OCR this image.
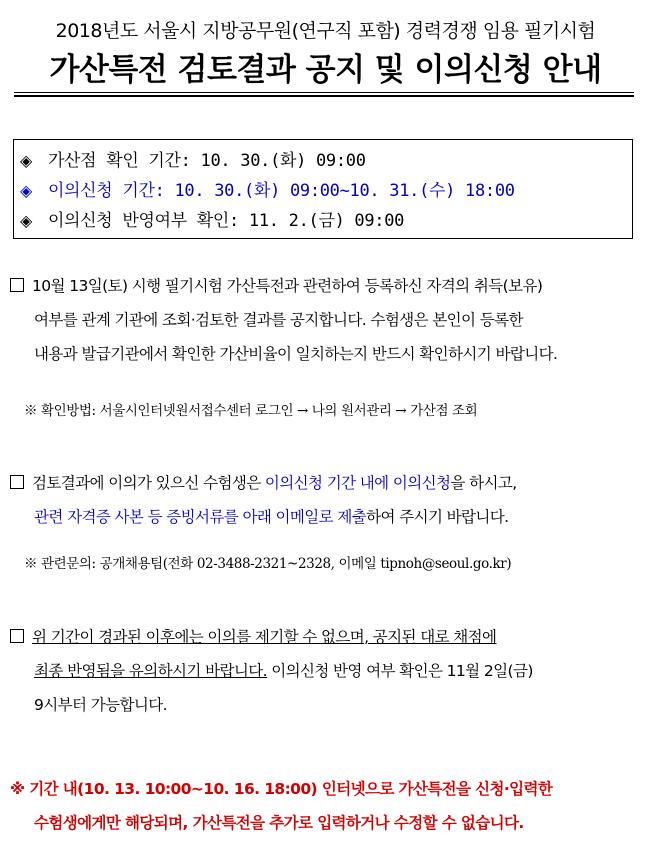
2018년도 서울시 지방공무원(연구직 포함) 경력경쟁 임용 필기시험
가산특전 검토결과 공지 및 이의신청 안내
◈ 가산점 확인 기간: 10. 30.(화) 09:00
◈ 이의신청 기간: 10. 30.(화) 09:00~10. 31.(수) 18:00
◈ 이의신청 반영여부 확인: 11. 2.(금) 09:00
10월 13일(토) 시행 필기시험 가산특전과 관련하여 등록하신 자격의 취득(보유)
여부를 관계 기관에 조회·검토한 결과를 공지합니다. 수험생은 본인이 등록한
내용과 발급기관에서 확인한 가산비율이 일치하는지 반드시 확인하시기 바랍니다.
※ 확인방법: 서울시인터넷원서접수센터 로그인 → 나의 원서관리 → 가산점 조회
검토결과에 이의가 있으신 수험생은 이의신청 기간 내에 이의신청을 하시고,
관련 자격증 사본 등 증빙서류를 아래 이메일로 제출하여 주시기 바랍니다.
※ 관련문의: 공개채용팀(전화 02-3488-2321~2328, 이메일 tipnoh@seoul.go.kr)
위 기간이 경과된 이후에는 이의를 제기할 수 없으며, 공지된 대로 채점에
최종 반영됨을 유의하시기 바랍니다. 이의신청 반영 여부 확인은 11월 2일(금)
9시부터 가능합니다.
※ 기간 내(10. 13. 10:00~10. 16. 18:00) 인터넷으로 가산특전을 신청·입력한
수험생에게만 해당되며, 가산특전을 추가로 입력하거나 수정할 수 없습니다.
